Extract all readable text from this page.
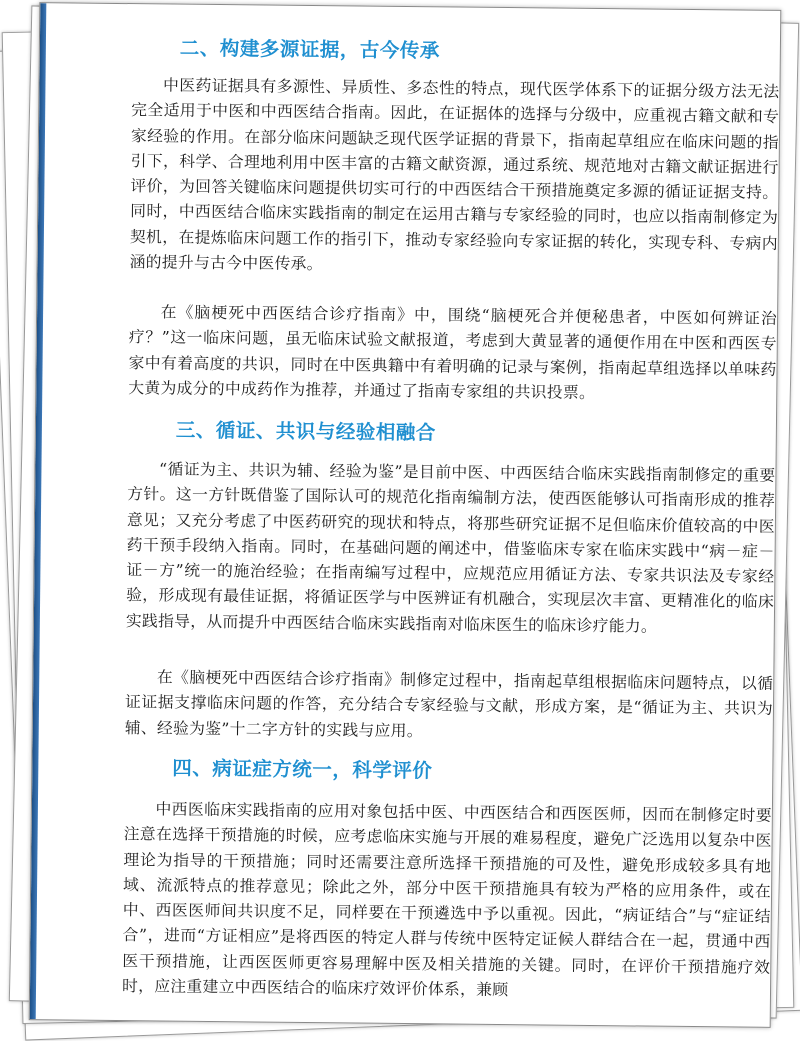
二、构建多源证据，古今传承

中医药证据具有多源性、异质性、多态性的特点，现代医学体系下的证据分级方法无法完全适用于中医和中西医结合指南。因此，在证据体的选择与分级中，应重视古籍文献和专家经验的作用。在部分临床问题缺乏现代医学证据的背景下，指南起草组应在临床问题的指引下，科学、合理地利用中医丰富的古籍文献资源，通过系统、规范地对古籍文献证据进行评价，为回答关键临床问题提供切实可行的中西医结合干预措施奠定多源的循证证据支持。同时，中西医结合临床实践指南的制定在运用古籍与专家经验的同时，也应以指南制修定为契机，在提炼临床问题工作的指引下，推动专家经验向专家证据的转化，实现专科、专病内涵的提升与古今中医传承。

在《脑梗死中西医结合诊疗指南》中，围绕“脑梗死合并便秘患者，中医如何辨证治疗？”这一临床问题，虽无临床试验文献报道，考虑到大黄显著的通便作用在中医和西医专家中有着高度的共识，同时在中医典籍中有着明确的记录与案例，指南起草组选择以单味药大黄为成分的中成药作为推荐，并通过了指南专家组的共识投票。

三、循证、共识与经验相融合

“循证为主、共识为辅、经验为鉴”是目前中医、中西医结合临床实践指南制修定的重要方针。这一方针既借鉴了国际认可的规范化指南编制方法，使西医能够认可指南形成的推荐意见；又充分考虑了中医药研究的现状和特点，将那些研究证据不足但临床价值较高的中医药干预手段纳入指南。同时，在基础问题的阐述中，借鉴临床专家在临床实践中“病－症－证－方”统一的施治经验；在指南编写过程中，应规范应用循证方法、专家共识法及专家经验，形成现有最佳证据，将循证医学与中医辨证有机融合，实现层次丰富、更精准化的临床实践指导，从而提升中西医结合临床实践指南对临床医生的临床诊疗能力。

在《脑梗死中西医结合诊疗指南》制修定过程中，指南起草组根据临床问题特点，以循证证据支撑临床问题的作答，充分结合专家经验与文献，形成方案，是“循证为主、共识为辅、经验为鉴”十二字方针的实践与应用。

四、病证症方统一，科学评价

中西医临床实践指南的应用对象包括中医、中西医结合和西医医师，因而在制修定时要注意在选择干预措施的时候，应考虑临床实施与开展的难易程度，避免广泛选用以复杂中医理论为指导的干预措施；同时还需要注意所选择干预措施的可及性，避免形成较多具有地域、流派特点的推荐意见；除此之外，部分中医干预措施具有较为严格的应用条件，或在中、西医医师间共识度不足，同样要在干预遴选中予以重视。因此，“病证结合”与“症证结合”，进而“方证相应”是将西医的特定人群与传统中医特定证候人群结合在一起，贯通中西医干预措施，让西医医师更容易理解中医及相关措施的关键。同时，在评价干预措施疗效时，应注重建立中西医结合的临床疗效评价体系，兼顾
